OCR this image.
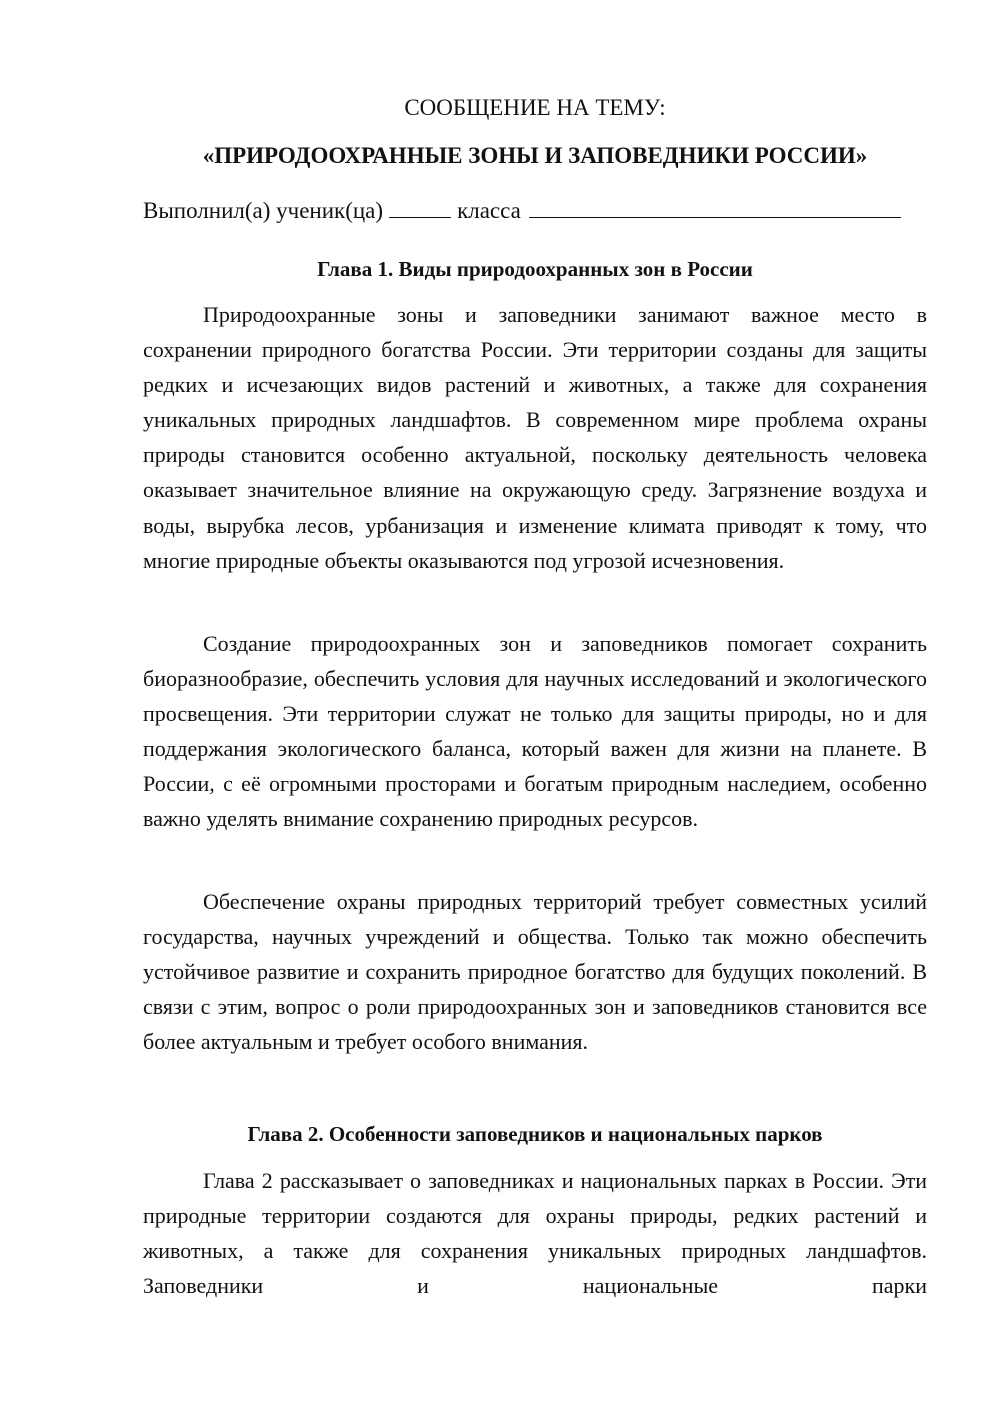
СООБЩЕНИЕ НА ТЕМУ:
«ПРИРОДООХРАННЫЕ ЗОНЫ И ЗАПОВЕДНИКИ РОССИИ»
Выполнил(а) ученик(ца)	класса
Глава 1. Виды природоохранных зон в России

Природоохранные зоны и заповедники занимают важное место в сохранении природного богатства России. Эти территории созданы для защиты редких и исчезающих видов растений и животных, а также для сохранения уникальных природных ландшафтов. В современном мире проблема охраны природы становится особенно актуальной, поскольку деятельность человека оказывает значительное влияние на окружающую среду. Загрязнение воздуха и воды, вырубка лесов, урбанизация и изменение климата приводят к тому, что многие природные объекты оказываются под угрозой исчезновения.

Создание природоохранных зон и заповедников помогает сохранить биоразнообразие, обеспечить условия для научных исследований и экологического просвещения. Эти территории служат не только для защиты природы, но и для поддержания экологического баланса, который важен для жизни на планете. В России, с её огромными просторами и богатым природным наследием, особенно важно уделять внимание сохранению природных ресурсов.

Обеспечение охраны природных территорий требует совместных усилий государства, научных учреждений и общества. Только так можно обеспечить устойчивое развитие и сохранить природное богатство для будущих поколений. В связи с этим, вопрос о роли природоохранных зон и заповедников становится все более актуальным и требует особого внимания.

Глава 2. Особенности заповедников и национальных парков

Глава 2 рассказывает о заповедниках и национальных парках в России. Эти природные территории создаются для охраны природы, редких растений и животных, а также для сохранения уникальных природных ландшафтов. Заповедники и национальные парки
